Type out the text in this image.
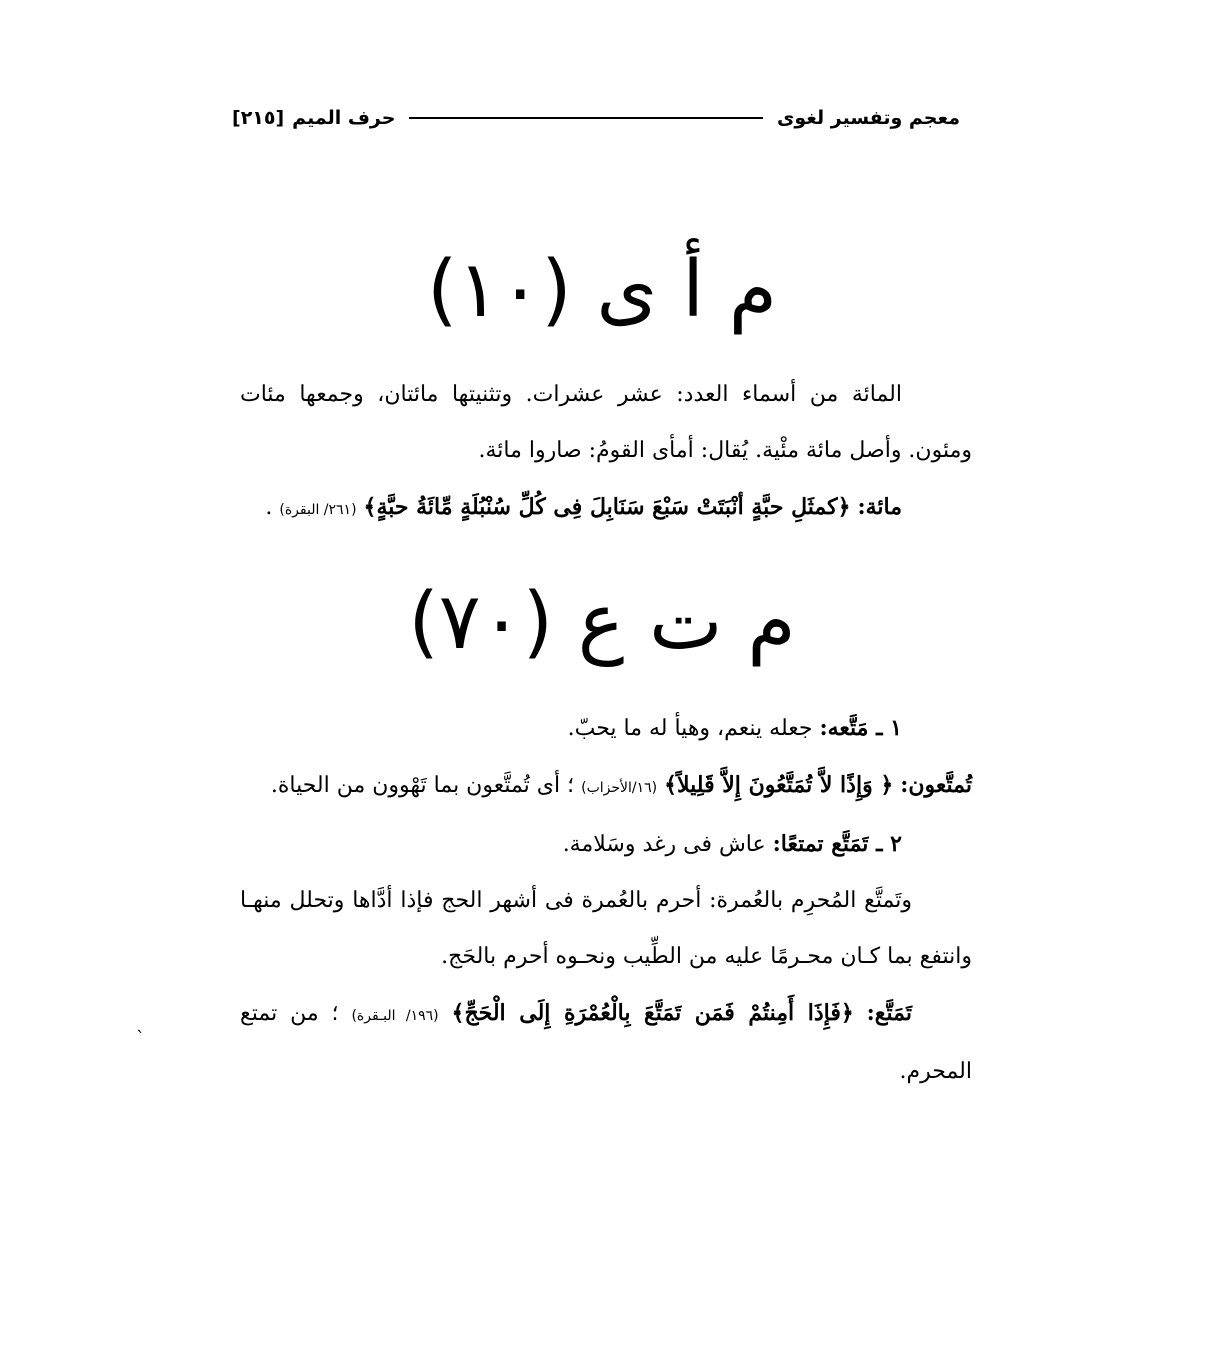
معجم وتفسير لغوى
حرف الميم
[٢١٥]
م أ ى (١٠)

المائة من أسماء العدد: عشر عشرات. وتثنيتها مائتان، وجمعها مئات ومئون. وأصل مائة مئْية. يُقال: أمأى القومُ: صاروا مائة.

مائة: ﴿كمثَلِ حبَّةٍ أنْبَتَتْ سَبْعَ سَنَابِلَ فِى كُلِّ سُنْبُلَةٍ مِّائَةُ حبَّةٍ﴾ (٢٦١/ البقرة) .

م ت ع (٧٠)

١ ـ مَتَّعه: جعله ينعم، وهيأ له ما يحبّ.

تُمتَّعون: ﴿ وَإِذًا لاَّ تُمَتَّعُونَ إِلاَّ قَلِيلاً﴾ (١٦/الأحزاب) ؛ أى تُمتَّعون بما تَهْوون من الحياة.

٢ ـ تَمَتَّع تمتعًا: عاش فى رغد وسَلامة.

وتَمتَّع المُحرِم بالعُمرة: أحرم بالعُمرة فى أشهر الحج فإذا أدَّاها وتحلل منهـا وانتفع بما كـان محـرمًا عليه من الطِّيب ونحـوه أحرم بالحَج.

تَمَتَّع: ﴿فَإِذَا أَمِنتُمْ فَمَن تَمَتَّعَ بِالْعُمْرَةِ إِلَى الْحَجِّ﴾ (١٩٦/ البـقرة) ؛ من تمتع المحرم.

ˋ
